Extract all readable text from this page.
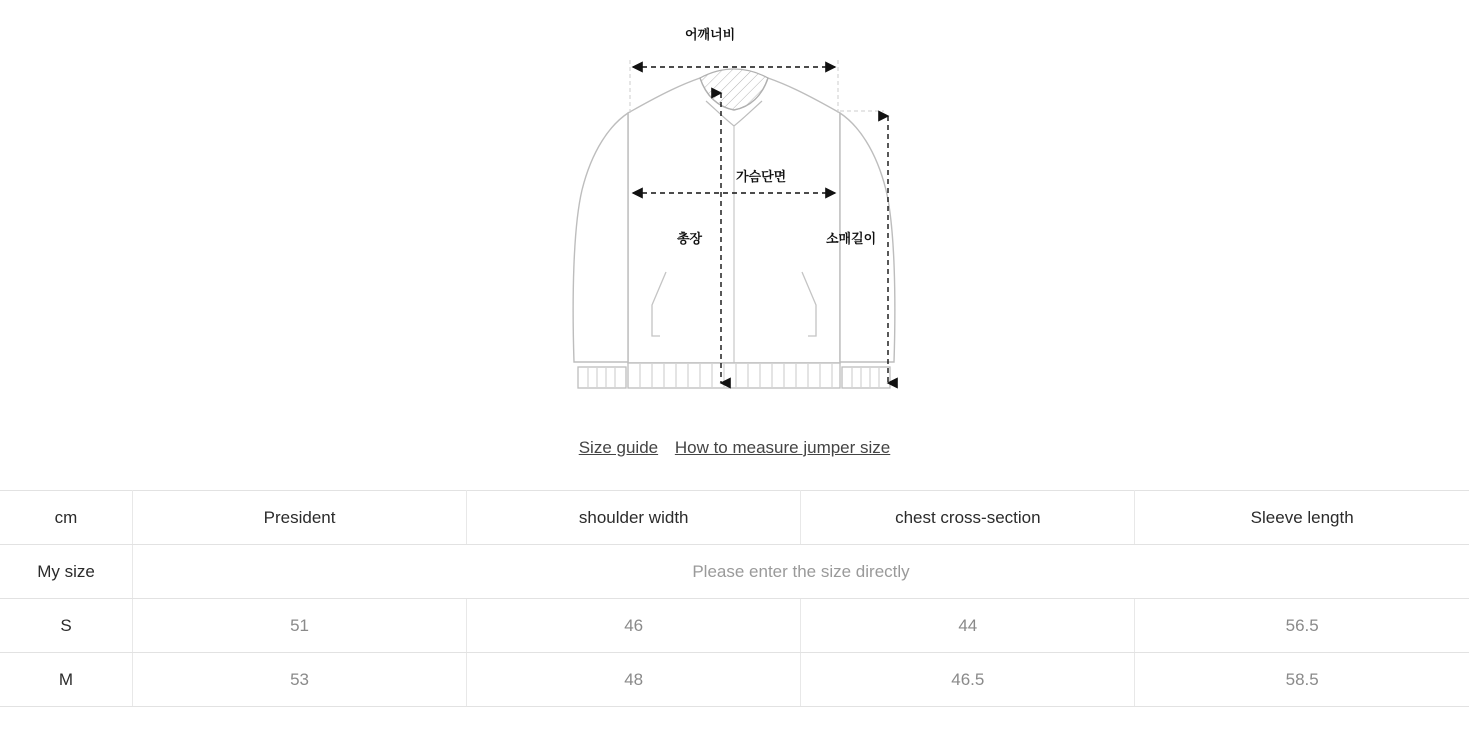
어깨너비
가슴단면
총장	소매길이
Size guide How to measure jumper size
cm	President	shoulder width	chest cross-section	Sleeve length
My size	Please enter the size directly			
S	51	46	44	56.5
M	53	48	46.5	58.5
